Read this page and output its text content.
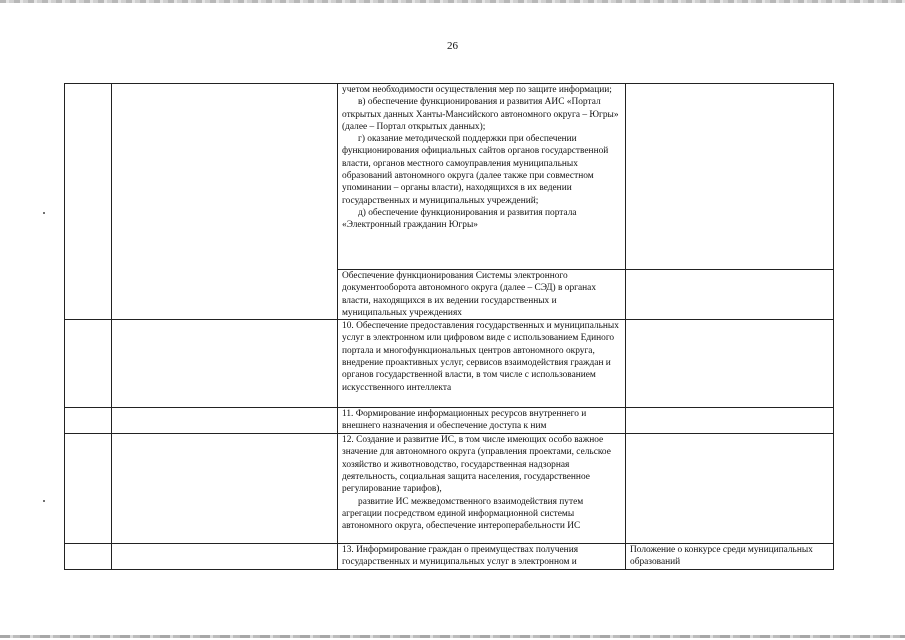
26

		учетом необходимости осуществления мер по защите информации;
в) обеспечение функционирования и развития АИС «Портал открытых данных Ханты-Мансийского автономного округа – Югры» (далее – Портал открытых данных);
г) оказание методической поддержки при обеспечении функционирования официальных сайтов органов государственной власти, органов местного самоуправления муниципальных образований автономного округа (далее также при совместном упоминании – органы власти), находящихся в их ведении государственных и муниципальных учреждений;
д) обеспечение функционирования и развития портала «Электронный гражданин Югры»	

		Обеспечение функционирования Системы электронного документооборота автономного округа (далее – СЭД) в органах власти, находящихся в их ведении государственных и муниципальных учреждениях	

		10. Обеспечение предоставления государственных и муниципальных услуг в электронном или цифровом виде с использованием Единого портала и многофункциональных центров автономного округа, внедрение проактивных услуг, сервисов взаимодействия граждан и органов государственной власти, в том числе с использованием искусственного интеллекта	

		11. Формирование информационных ресурсов внутреннего и внешнего назначения и обеспечение доступа к ним	

		12. Создание и развитие ИС, в том числе имеющих особо важное значение для автономного округа (управления проектами, сельское хозяйство и животноводство, государственная надзорная деятельность, социальная защита населения, государственное регулирование тарифов),
развитие ИС межведомственного взаимодействия путем агрегации посредством единой информационной системы автономного округа, обеспечение интероперабельности ИС	

		13. Информирование граждан о преимуществах получения государственных и муниципальных услуг в электронном и	Положение о конкурсе среди муниципальных образований
